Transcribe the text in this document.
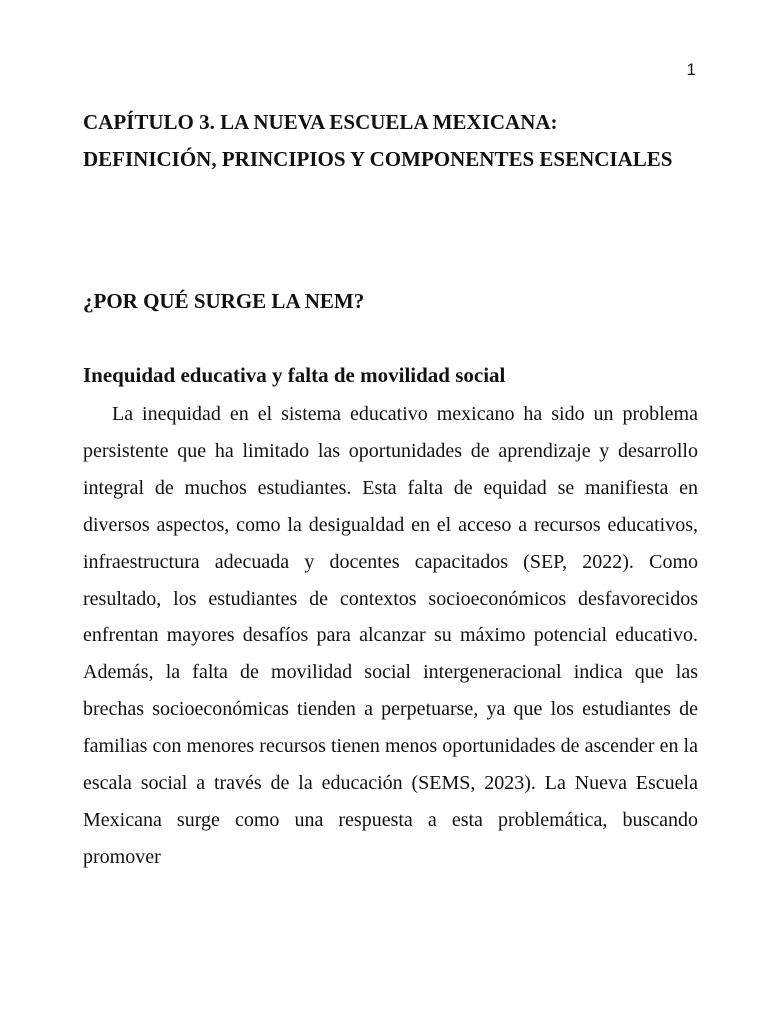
1
CAPÍTULO 3. LA NUEVA ESCUELA MEXICANA: DEFINICIÓN, PRINCIPIOS Y COMPONENTES ESENCIALES
¿POR QUÉ SURGE LA NEM?
Inequidad educativa y falta de movilidad social

La inequidad en el sistema educativo mexicano ha sido un problema persistente que ha limitado las oportunidades de aprendizaje y desarrollo integral de muchos estudiantes. Esta falta de equidad se manifiesta en diversos aspectos, como la desigualdad en el acceso a recursos educativos, infraestructura adecuada y docentes capacitados (SEP, 2022). Como resultado, los estudiantes de contextos socioeconómicos desfavorecidos enfrentan mayores desafíos para alcanzar su máximo potencial educativo. Además, la falta de movilidad social intergeneracional indica que las brechas socioeconómicas tienden a perpetuarse, ya que los estudiantes de familias con menores recursos tienen menos oportunidades de ascender en la escala social a través de la educación (SEMS, 2023). La Nueva Escuela Mexicana surge como una respuesta a esta problemática, buscando promover
